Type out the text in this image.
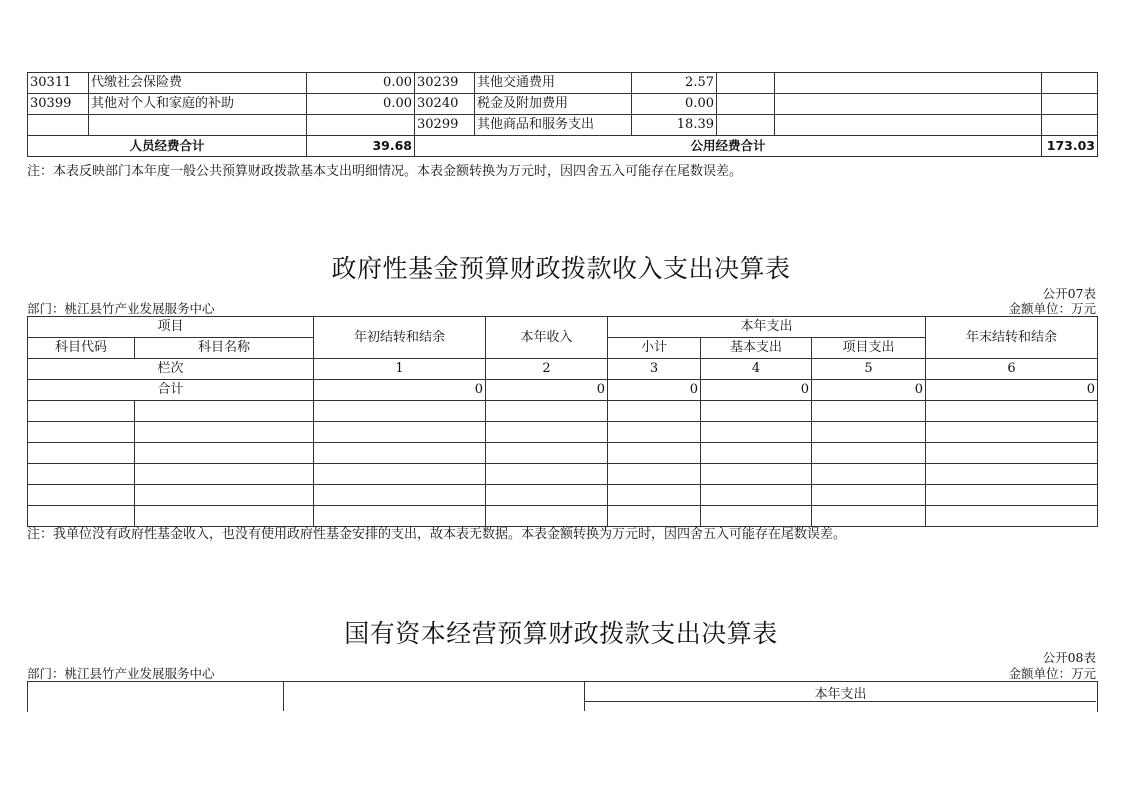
30311	代缴社会保险费	0.00	30239	其他交通费用	2.57			
30399	其他对个人和家庭的补助	0.00	30240	税金及附加费用	0.00			
			30299	其他商品和服务支出	18.39			
人员经费合计		39.68	公用经费合计					173.03
注：本表反映部门本年度一般公共预算财政拨款基本支出明细情况。本表金额转换为万元时，因四舍五入可能存在尾数误差。
政府性基金预算财政拨款收入支出决算表
公开07表
部门：桃江县竹产业发展服务中心	金额单位：万元
项目		年初结转和结余	本年收入	本年支出			年末结转和结余
科目代码	科目名称			小计	基本支出	项目支出	
栏次		1	2	3	4	5	6
合计		0	0	0	0	0	0

注：我单位没有政府性基金收入，也没有使用政府性基金安排的支出，故本表无数据。本表金额转换为万元时，因四舍五入可能存在尾数误差。
国有资本经营预算财政拨款支出决算表
公开08表
部门：桃江县竹产业发展服务中心	金额单位：万元
本年支出
